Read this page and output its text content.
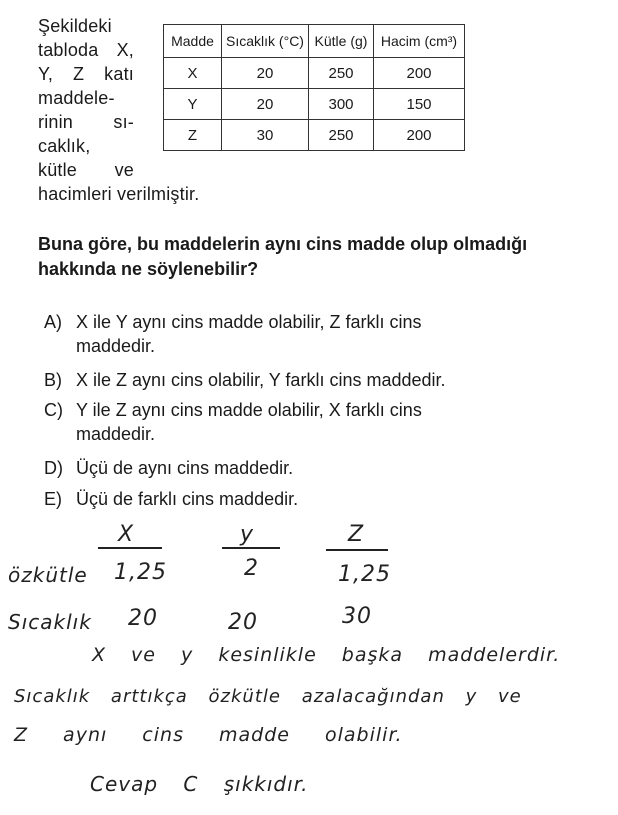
Şekildeki
tabloda X,
Y, Z katı
maddele-
rinin sı-
caklık,
kütle ve
hacimleri verilmiştir.
Madde	Sıcaklık (°C)	Kütle (g)	Hacim (cm³)
X	20	250	200
Y	20	300	150
Z	30	250	200
Buna göre, bu maddelerin aynı cins madde olup olmadığı hakkında ne söylenebilir?
A) X ile Y aynı cins madde olabilir, Z farklı cins maddedir.
B) X ile Z aynı cins olabilir, Y farklı cins maddedir.
C) Y ile Z aynı cins madde olabilir, X farklı cins maddedir.
D) Üçü de aynı cins maddedir.
E) Üçü de farklı cins maddedir.
X	y	Z
özkütle 1,25	2	1,25
Sıcaklık 20	20	30
X ve y kesinlikle başka maddelerdir.
Sıcaklık arttıkça özkütle azalacağından y ve
Z aynı cins madde olabilir.
Cevap C şıkkıdır.
